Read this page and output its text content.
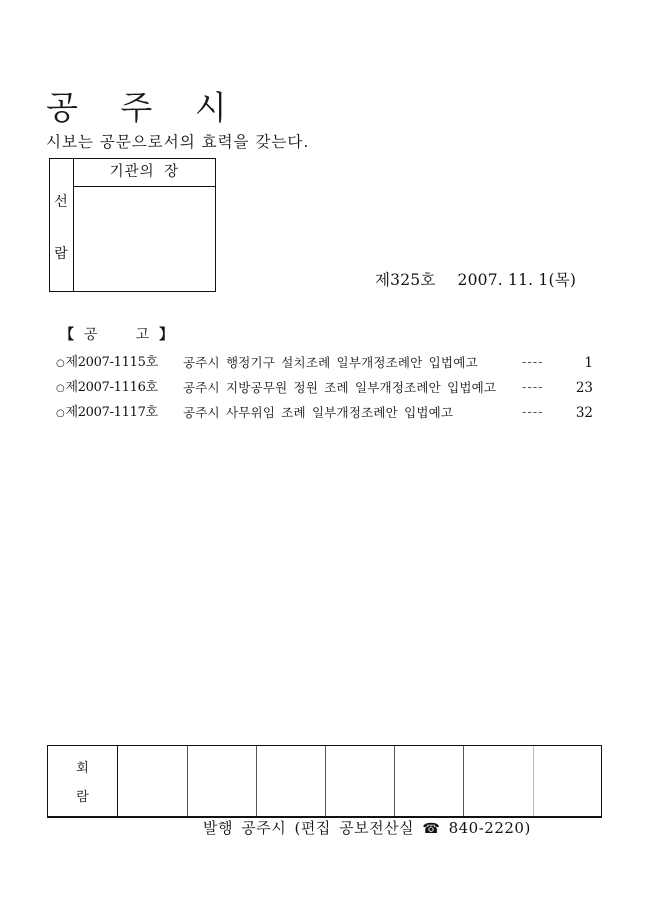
공 주 시
시보는 공문으로서의 효력을 갖는다.
선
람
기관의 장
제325호 2007. 11. 1(목)
【 공	고 】
○제2007-1115호 공주시 행정기구 설치조례 일부개정조례안 입법예고	----	1
○제2007-1116호 공주시 지방공무원 정원 조례 일부개정조례안 입법예고 ---- 23
○제2007-1117호 공주시 사무위임 조례 일부개정조례안 입법예고	---- 32
회
람
발행 공주시 (편집 공보전산실 ☎ 840-2220)
